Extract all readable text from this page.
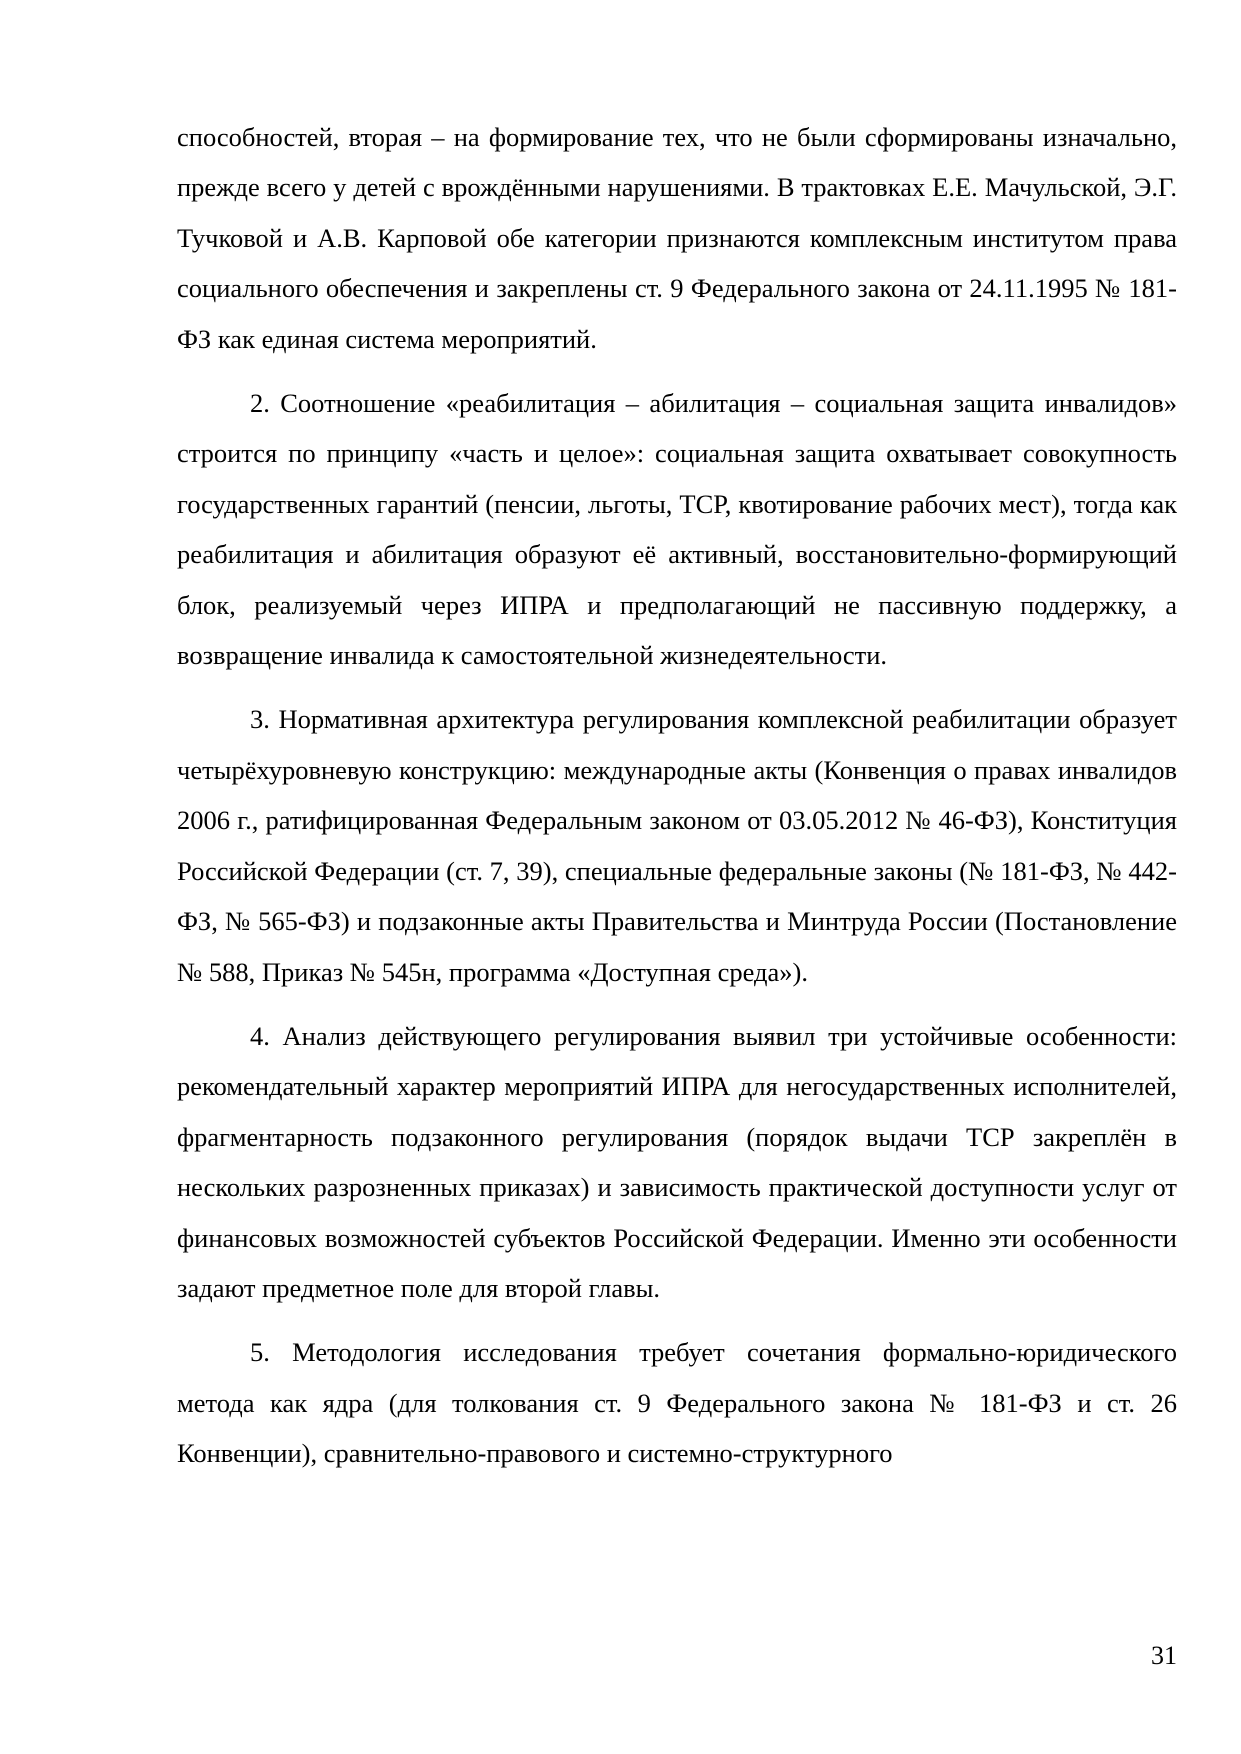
способностей, вторая – на формирование тех, что не были сформированы изначально, прежде всего у детей с врождёнными нарушениями. В трактовках Е.Е. Мачульской, Э.Г. Тучковой и А.В. Карповой обе категории признаются комплексным институтом права социального обеспечения и закреплены ст. 9 Федерального закона от 24.11.1995 № 181-ФЗ как единая система мероприятий.

2. Соотношение «реабилитация – абилитация – социальная защита инвалидов» строится по принципу «часть и целое»: социальная защита охватывает совокупность государственных гарантий (пенсии, льготы, ТСР, квотирование рабочих мест), тогда как реабилитация и абилитация образуют её активный, восстановительно-формирующий блок, реализуемый через ИПРА и предполагающий не пассивную поддержку, а возвращение инвалида к самостоятельной жизнедеятельности.

3. Нормативная архитектура регулирования комплексной реабилитации образует четырёхуровневую конструкцию: международные акты (Конвенция о правах инвалидов 2006 г., ратифицированная Федеральным законом от 03.05.2012 № 46-ФЗ), Конституция Российской Федерации (ст. 7, 39), специальные федеральные законы (№ 181-ФЗ, № 442-ФЗ, № 565-ФЗ) и подзаконные акты Правительства и Минтруда России (Постановление № 588, Приказ № 545н, программа «Доступная среда»).

4. Анализ действующего регулирования выявил три устойчивые особенности: рекомендательный характер мероприятий ИПРА для негосударственных исполнителей, фрагментарность подзаконного регулирования (порядок выдачи ТСР закреплён в нескольких разрозненных приказах) и зависимость практической доступности услуг от финансовых возможностей субъектов Российской Федерации. Именно эти особенности задают предметное поле для второй главы.

5. Методология исследования требует сочетания формально-юридического метода как ядра (для толкования ст. 9 Федерального закона № 181-ФЗ и ст. 26 Конвенции), сравнительно-правового и системно-структурного

31
